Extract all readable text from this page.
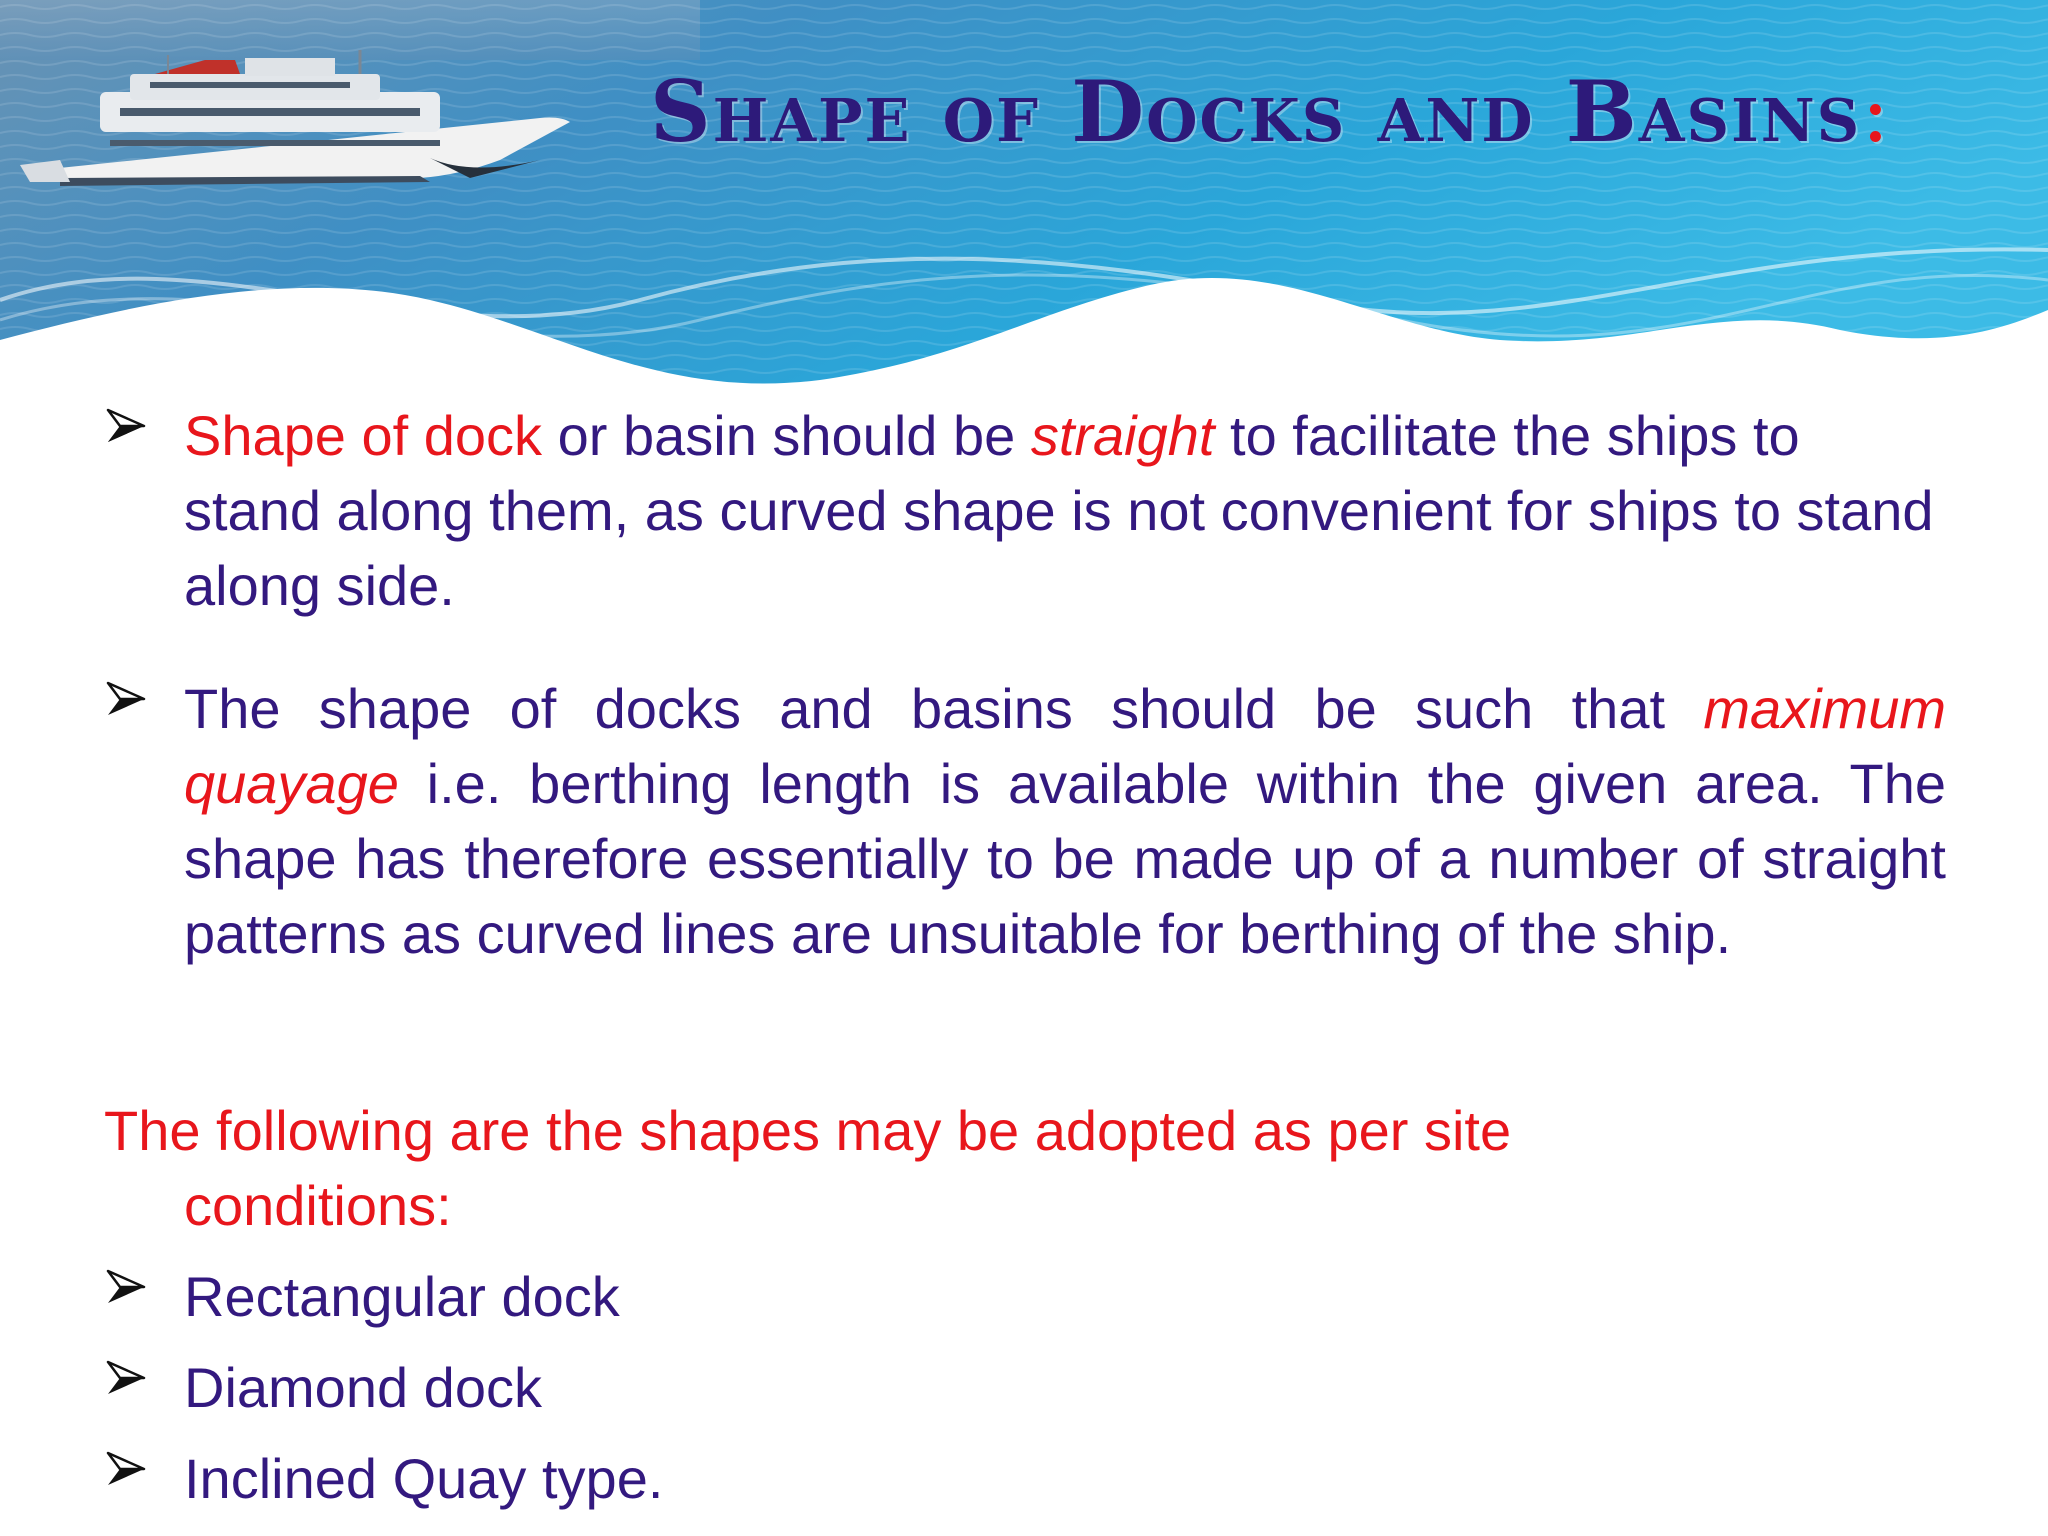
Shape of Docks and Basins:
Shape of dock or basin should be straight to facilitate the ships to stand along them, as curved shape is not convenient for ships to stand along side.
The shape of docks and basins should be such that maximum quayage i.e. berthing length is available within the given area. The shape has therefore essentially to be made up of a number of straight patterns as curved lines are unsuitable for berthing of the ship.
The following are the shapes may be adopted as per site
conditions:
Rectangular dock
Diamond dock
Inclined Quay type.
